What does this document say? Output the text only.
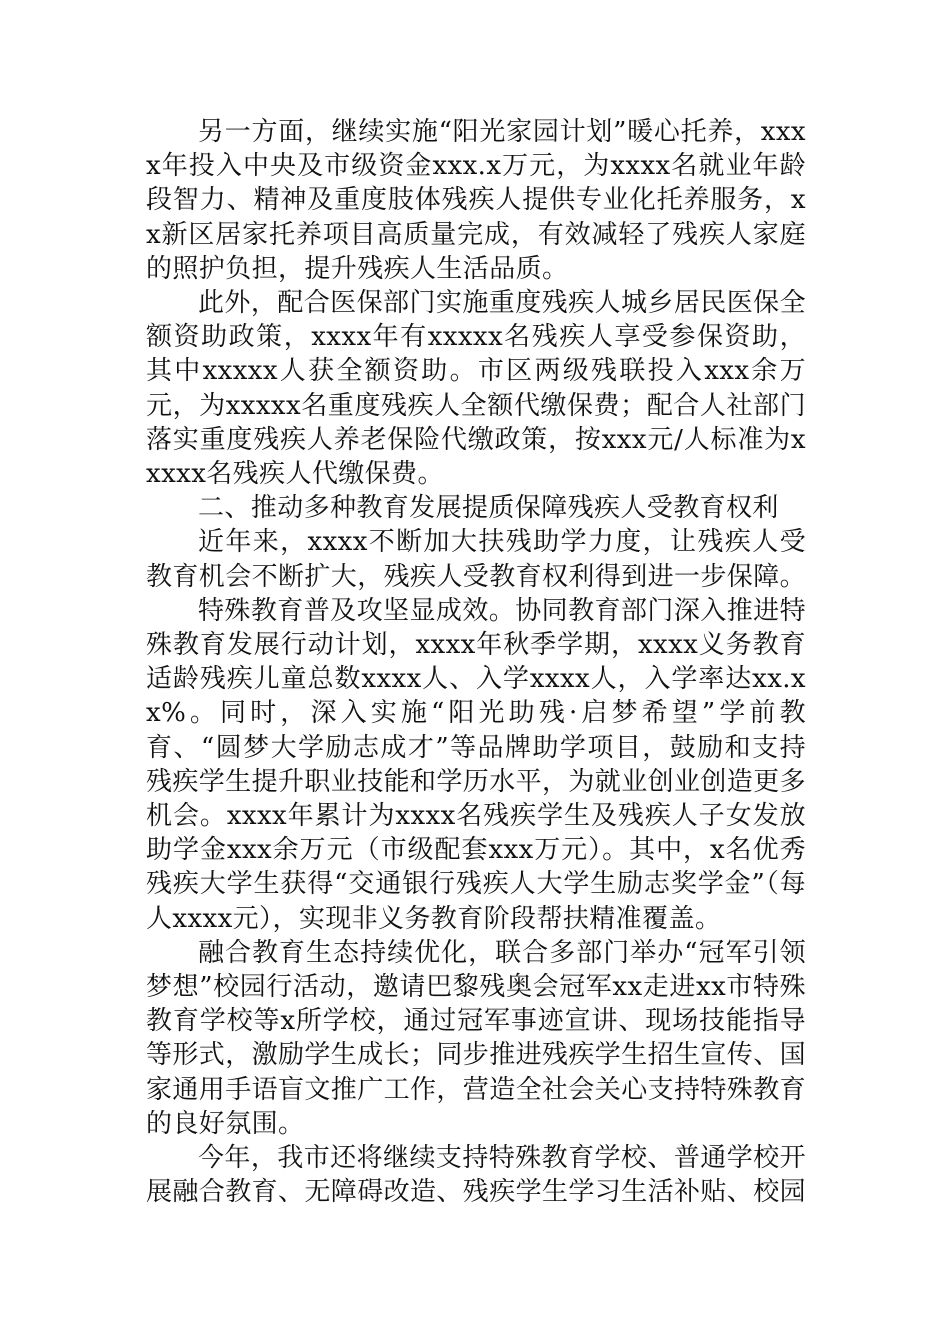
另一方面，继续实施“阳光家园计划”暖心托养，xxxx年投入中央及市级资金xxx.x万元，为xxxx名就业年龄段智力、精神及重度肢体残疾人提供专业化托养服务，xx新区居家托养项目高质量完成，有效减轻了残疾人家庭的照护负担，提升残疾人生活品质。

此外，配合医保部门实施重度残疾人城乡居民医保全额资助政策，xxxx年有xxxxx名残疾人享受参保资助，其中xxxxx人获全额资助。市区两级残联投入xxx余万元，为xxxxx名重度残疾人全额代缴保费；配合人社部门落实重度残疾人养老保险代缴政策，按xxx元/人标准为xxxxx名残疾人代缴保费。

二、推动多种教育发展提质保障残疾人受教育权利

近年来，xxxx不断加大扶残助学力度，让残疾人受教育机会不断扩大，残疾人受教育权利得到进一步保障。

特殊教育普及攻坚显成效。协同教育部门深入推进特殊教育发展行动计划，xxxx年秋季学期，xxxx义务教育适龄残疾儿童总数xxxx人、入学xxxx人，入学率达xx.xx%。同时，深入实施“阳光助残·启梦希望”学前教育、“圆梦大学励志成才”等品牌助学项目，鼓励和支持残疾学生提升职业技能和学历水平，为就业创业创造更多机会。xxxx年累计为xxxx名残疾学生及残疾人子女发放助学金xxx余万元（市级配套xxx万元）。其中，x名优秀残疾大学生获得“交通银行残疾人大学生励志奖学金”（每人xxxx元），实现非义务教育阶段帮扶精准覆盖。

融合教育生态持续优化，联合多部门举办“冠军引领梦想”校园行活动，邀请巴黎残奥会冠军xx走进xx市特殊教育学校等x所学校，通过冠军事迹宣讲、现场技能指导等形式，激励学生成长；同步推进残疾学生招生宣传、国家通用手语盲文推广工作，营造全社会关心支持特殊教育的良好氛围。

今年，我市还将继续支持特殊教育学校、普通学校开展融合教育、无障碍改造、残疾学生学习生活补贴、校园
